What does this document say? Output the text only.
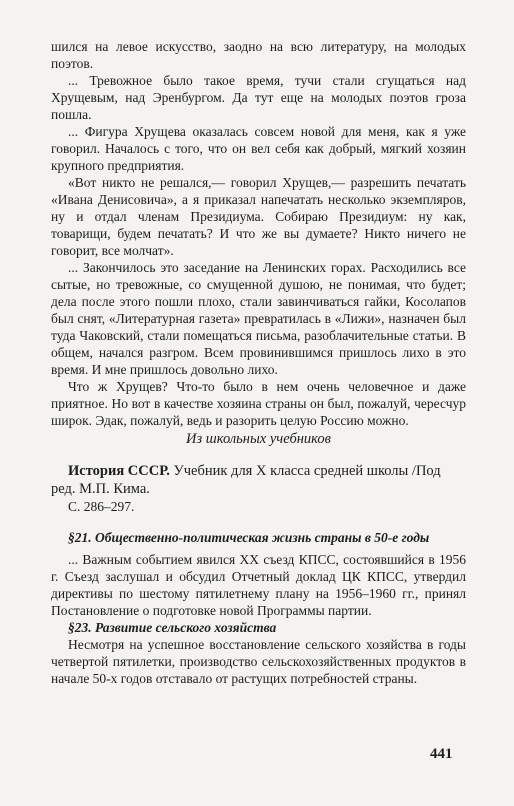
шился на левое искусство, заодно на всю литературу, на молодых поэтов.

... Тревожное было такое время, тучи стали сгущаться над Хрущевым, над Эренбургом. Да тут еще на молодых поэтов гроза пошла.

... Фигура Хрущева оказалась совсем новой для меня, как я уже говорил. Началось с того, что он вел себя как добрый, мягкий хозяин крупного предприятия.

«Вот никто не решался,— говорил Хрущев,— разрешить печатать «Ивана Денисовича», а я приказал напечатать несколько экземпляров, ну и отдал членам Президиума. Собираю Президиум: ну как, товарищи, будем печатать? И что же вы думаете? Никто ничего не говорит, все молчат».

... Закончилось это заседание на Ленинских горах. Расходились все сытые, но тревожные, со смущенной душою, не понимая, что будет; дела после этого пошли плохо, стали завинчиваться гайки, Косолапов был снят, «Литературная газета» превратилась в «Лижи», назначен был туда Чаковский, стали помещаться письма, разоблачительные статьи. В общем, начался разгром. Всем провинившимся пришлось лихо в это время. И мне пришлось довольно лихо.

Что ж Хрущев? Что-то было в нем очень человечное и даже приятное. Но вот в качестве хозяина страны он был, пожалуй, чересчур широк. Эдак, пожалуй, ведь и разорить целую Россию можно.

Из школьных учебников
История СССР. Учебник для X класса средней школы /Под ред. М.П. Кима.
С. 286–297.
§21. Общественно-политическая жизнь страны в 50-е годы

... Важным событием явился XX съезд КПСС, состоявшийся в 1956 г. Съезд заслушал и обсудил Отчетный доклад ЦК КПСС, утвердил директивы по шестому пятилетнему плану на 1956–1960 гг., принял Постановление о подготовке новой Программы партии.

§23. Развитие сельского хозяйства

Несмотря на успешное восстановление сельского хозяйства в годы четвертой пятилетки, производство сельскохозяйственных продуктов в начале 50-х годов отставало от растущих потребностей страны.

441
